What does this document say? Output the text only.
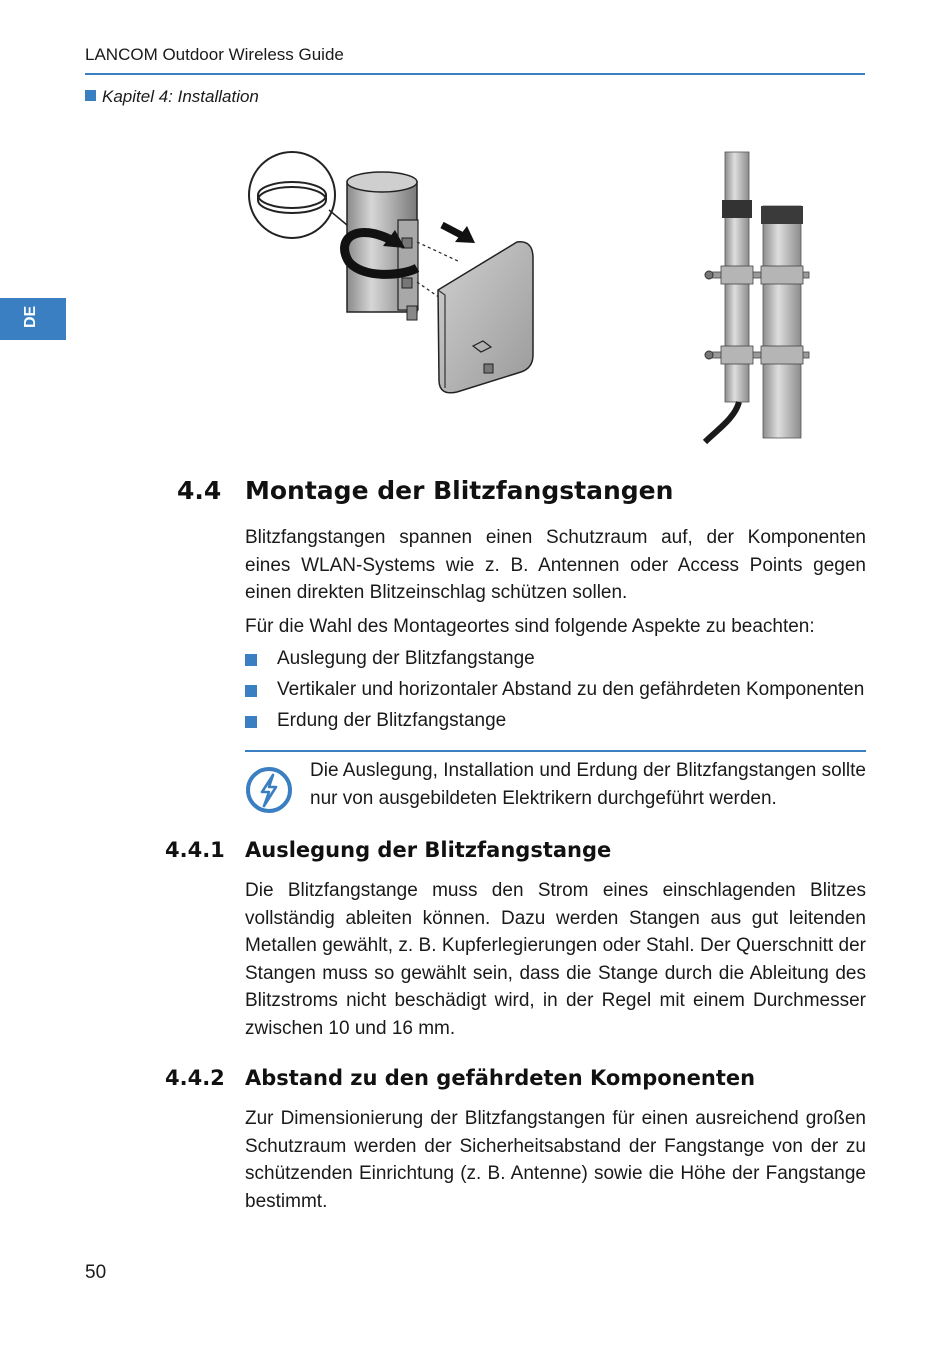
LANCOM Outdoor Wireless Guide
Kapitel 4: Installation
DE
4.4 Montage der Blitzfangstangen
Blitzfangstangen spannen einen Schutzraum auf, der Komponenten eines WLAN-Systems wie z. B. Antennen oder Access Points gegen einen direkten Blitzeinschlag schützen sollen.
Für die Wahl des Montageortes sind folgende Aspekte zu beachten:
Auslegung der Blitzfangstange
Vertikaler und horizontaler Abstand zu den gefährdeten Komponenten
Erdung der Blitzfangstange
Die Auslegung, Installation und Erdung der Blitzfangstangen sollte nur von ausgebildeten Elektrikern durchgeführt werden.
4.4.1 Auslegung der Blitzfangstange
Die Blitzfangstange muss den Strom eines einschlagenden Blitzes vollständig ableiten können. Dazu werden Stangen aus gut leitenden Metallen gewählt, z. B. Kupferlegierungen oder Stahl. Der Querschnitt der Stangen muss so gewählt sein, dass die Stange durch die Ableitung des Blitzstroms nicht beschädigt wird, in der Regel mit einem Durchmesser zwischen 10 und 16 mm.
4.4.2 Abstand zu den gefährdeten Komponenten
Zur Dimensionierung der Blitzfangstangen für einen ausreichend großen Schutzraum werden der Sicherheitsabstand der Fangstange von der zu schützenden Einrichtung (z. B. Antenne) sowie die Höhe der Fangstange bestimmt.
50
